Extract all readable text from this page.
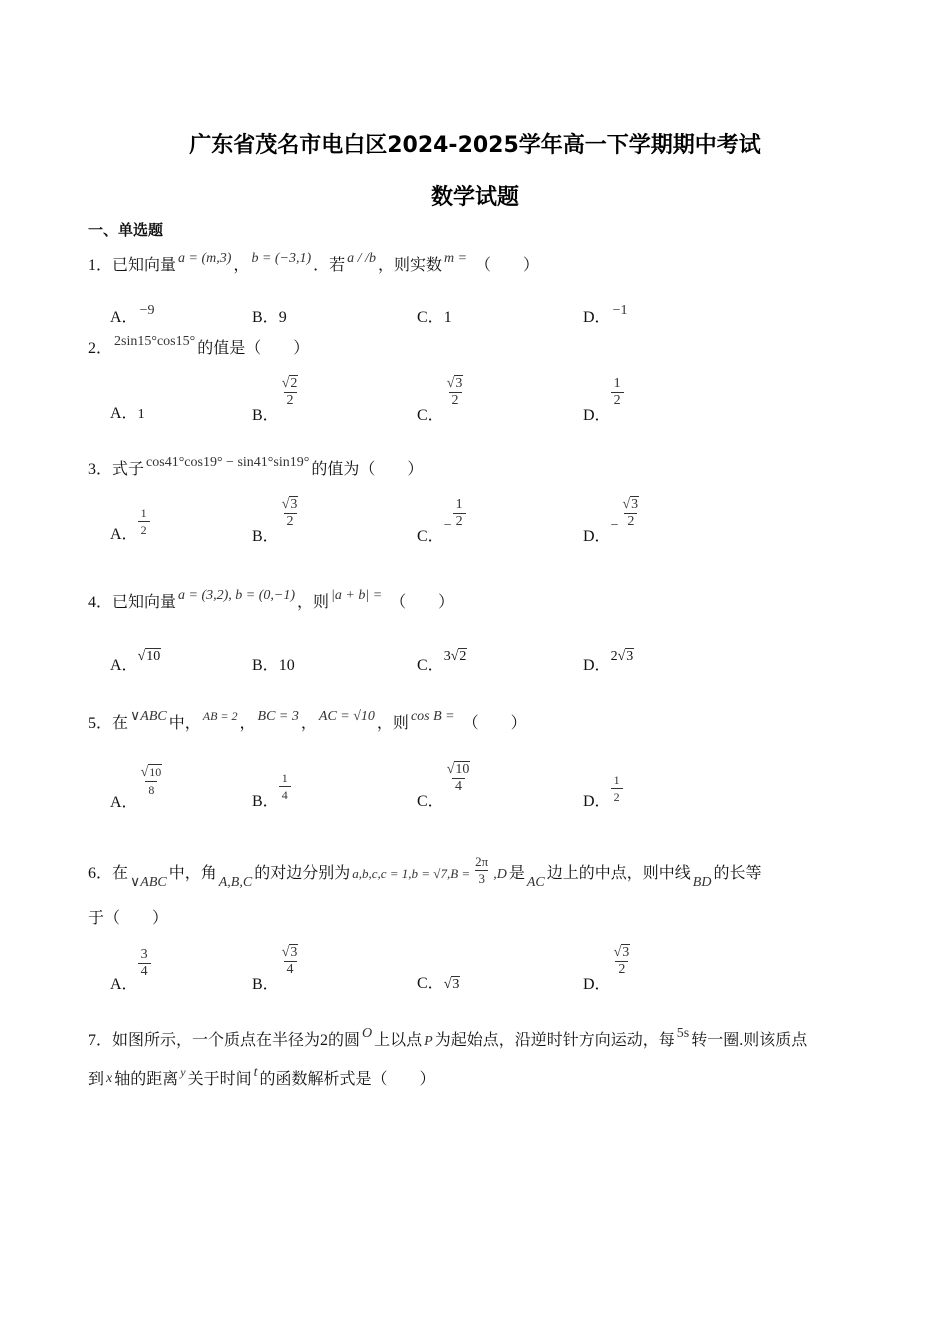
广东省茂名市电白区2024-2025学年高一下学期期中考试
数学试题
一、单选题
1．已知向量 a = (m,3) ， b = (−3,1) ．若 a / /b ，则实数 m = （　　）
A． −9	B．9	C．1	D． −1
2． 2sin15°cos15° 的值是（　　）
A．1	B．
$\frac{√2}{2}$
C．
$\frac{√3}{2}$
D．
$\frac{1}{2}$
3．式子 cos41°cos19° − sin41°sin19° 的值为（　　）
A． $\frac{1}{2}$	B．
$\frac{√3}{2}$
C．− $\frac{1}{2}$
D．− $\frac{√3}{2}$
4．已知向量 a = (3,2), b = (0,−1) ，则 |a + b| = （　　）
A．√10
B．10	C．3√2
D．2√3
5．在 ∨ABC 中， $^{AB = 2}$ ， BC = 3 ， AC = √10 ，则 cos B = （　　）
A．
$\frac{√10}{8}$
B． $\frac{1}{4}$	C．
$\frac{√10}{4}$
D． $\frac{1}{2}$
6．在∨ABC中，角A,B,C的对边分别为 $a,b,c,c = 1,b = √7,B = \frac{2\pi}{3} ,D$ 是AC边上的中点，则中线BD的长等
于（　　）
A．
$\frac{3}{4}$
B．
$\frac{√3}{4}$
C．√3	D．
$\frac{√3}{2}$
7．如图所示，一个质点在半径为2的圆 O 上以点 P 为起始点，沿逆时针方向运动，每 5s 转一圈.则该质点
到 x 轴的距离 $^y$ 关于时间 t 的函数解析式是（　　）
